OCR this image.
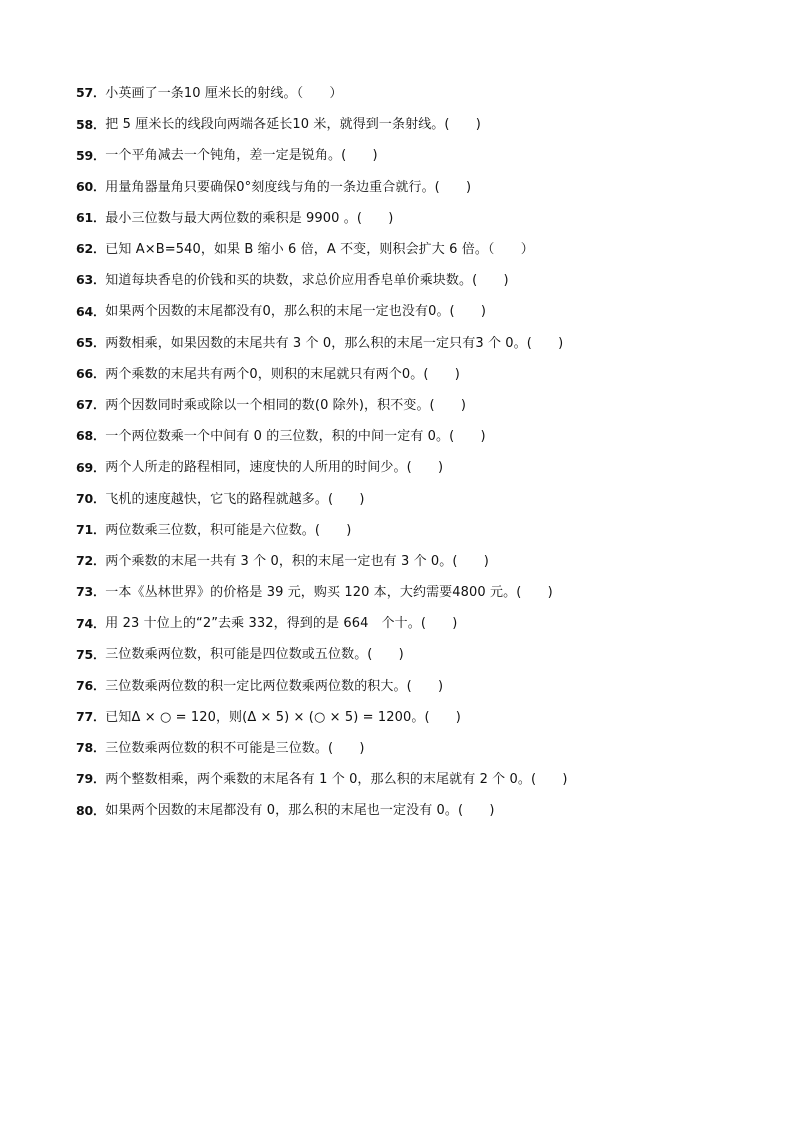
57． 小英画了一条10 厘米长的射线。（　　）
58． 把 5 厘米长的线段向两端各延长10 米，就得到一条射线。(　　)
59． 一个平角减去一个钝角，差一定是锐角。(　　)
60． 用量角器量角只要确保0°刻度线与角的一条边重合就行。(　　)
61． 最小三位数与最大两位数的乘积是 9900 。(　　)
62． 已知 A×B=540，如果 B 缩小 6 倍，A 不变，则积会扩大 6 倍。（　　）
63． 知道每块香皂的价钱和买的块数，求总价应用香皂单价乘块数。(　　)
64． 如果两个因数的末尾都没有0，那么积的末尾一定也没有0。(　　)
65． 两数相乘，如果因数的末尾共有 3 个 0，那么积的末尾一定只有3 个 0。(　　)
66． 两个乘数的末尾共有两个0，则积的末尾就只有两个0。(　　)
67． 两个因数同时乘或除以一个相同的数(0 除外)，积不变。(　　)
68． 一个两位数乘一个中间有 0 的三位数，积的中间一定有 0。(　　)
69． 两个人所走的路程相同，速度快的人所用的时间少。(　　)
70． 飞机的速度越快，它飞的路程就越多。(　　)
71． 两位数乘三位数，积可能是六位数。(　　)
72． 两个乘数的末尾一共有 3 个 0，积的末尾一定也有 3 个 0。(　　)
73． 一本《丛林世界》的价格是 39 元，购买 120 本，大约需要4800 元。(　　)
74． 用 23 十位上的“2”去乘 332，得到的是 664　个十。(　　)
75． 三位数乘两位数，积可能是四位数或五位数。(　　)
76． 三位数乘两位数的积一定比两位数乘两位数的积大。(　　)
77． 已知Δ × ○ = 120，则(Δ × 5) × (○ × 5) = 1200。(　　)
78． 三位数乘两位数的积不可能是三位数。(　　)
79． 两个整数相乘，两个乘数的末尾各有 1 个 0，那么积的末尾就有 2 个 0。(　　)
80． 如果两个因数的末尾都没有 0，那么积的末尾也一定没有 0。(　　)
